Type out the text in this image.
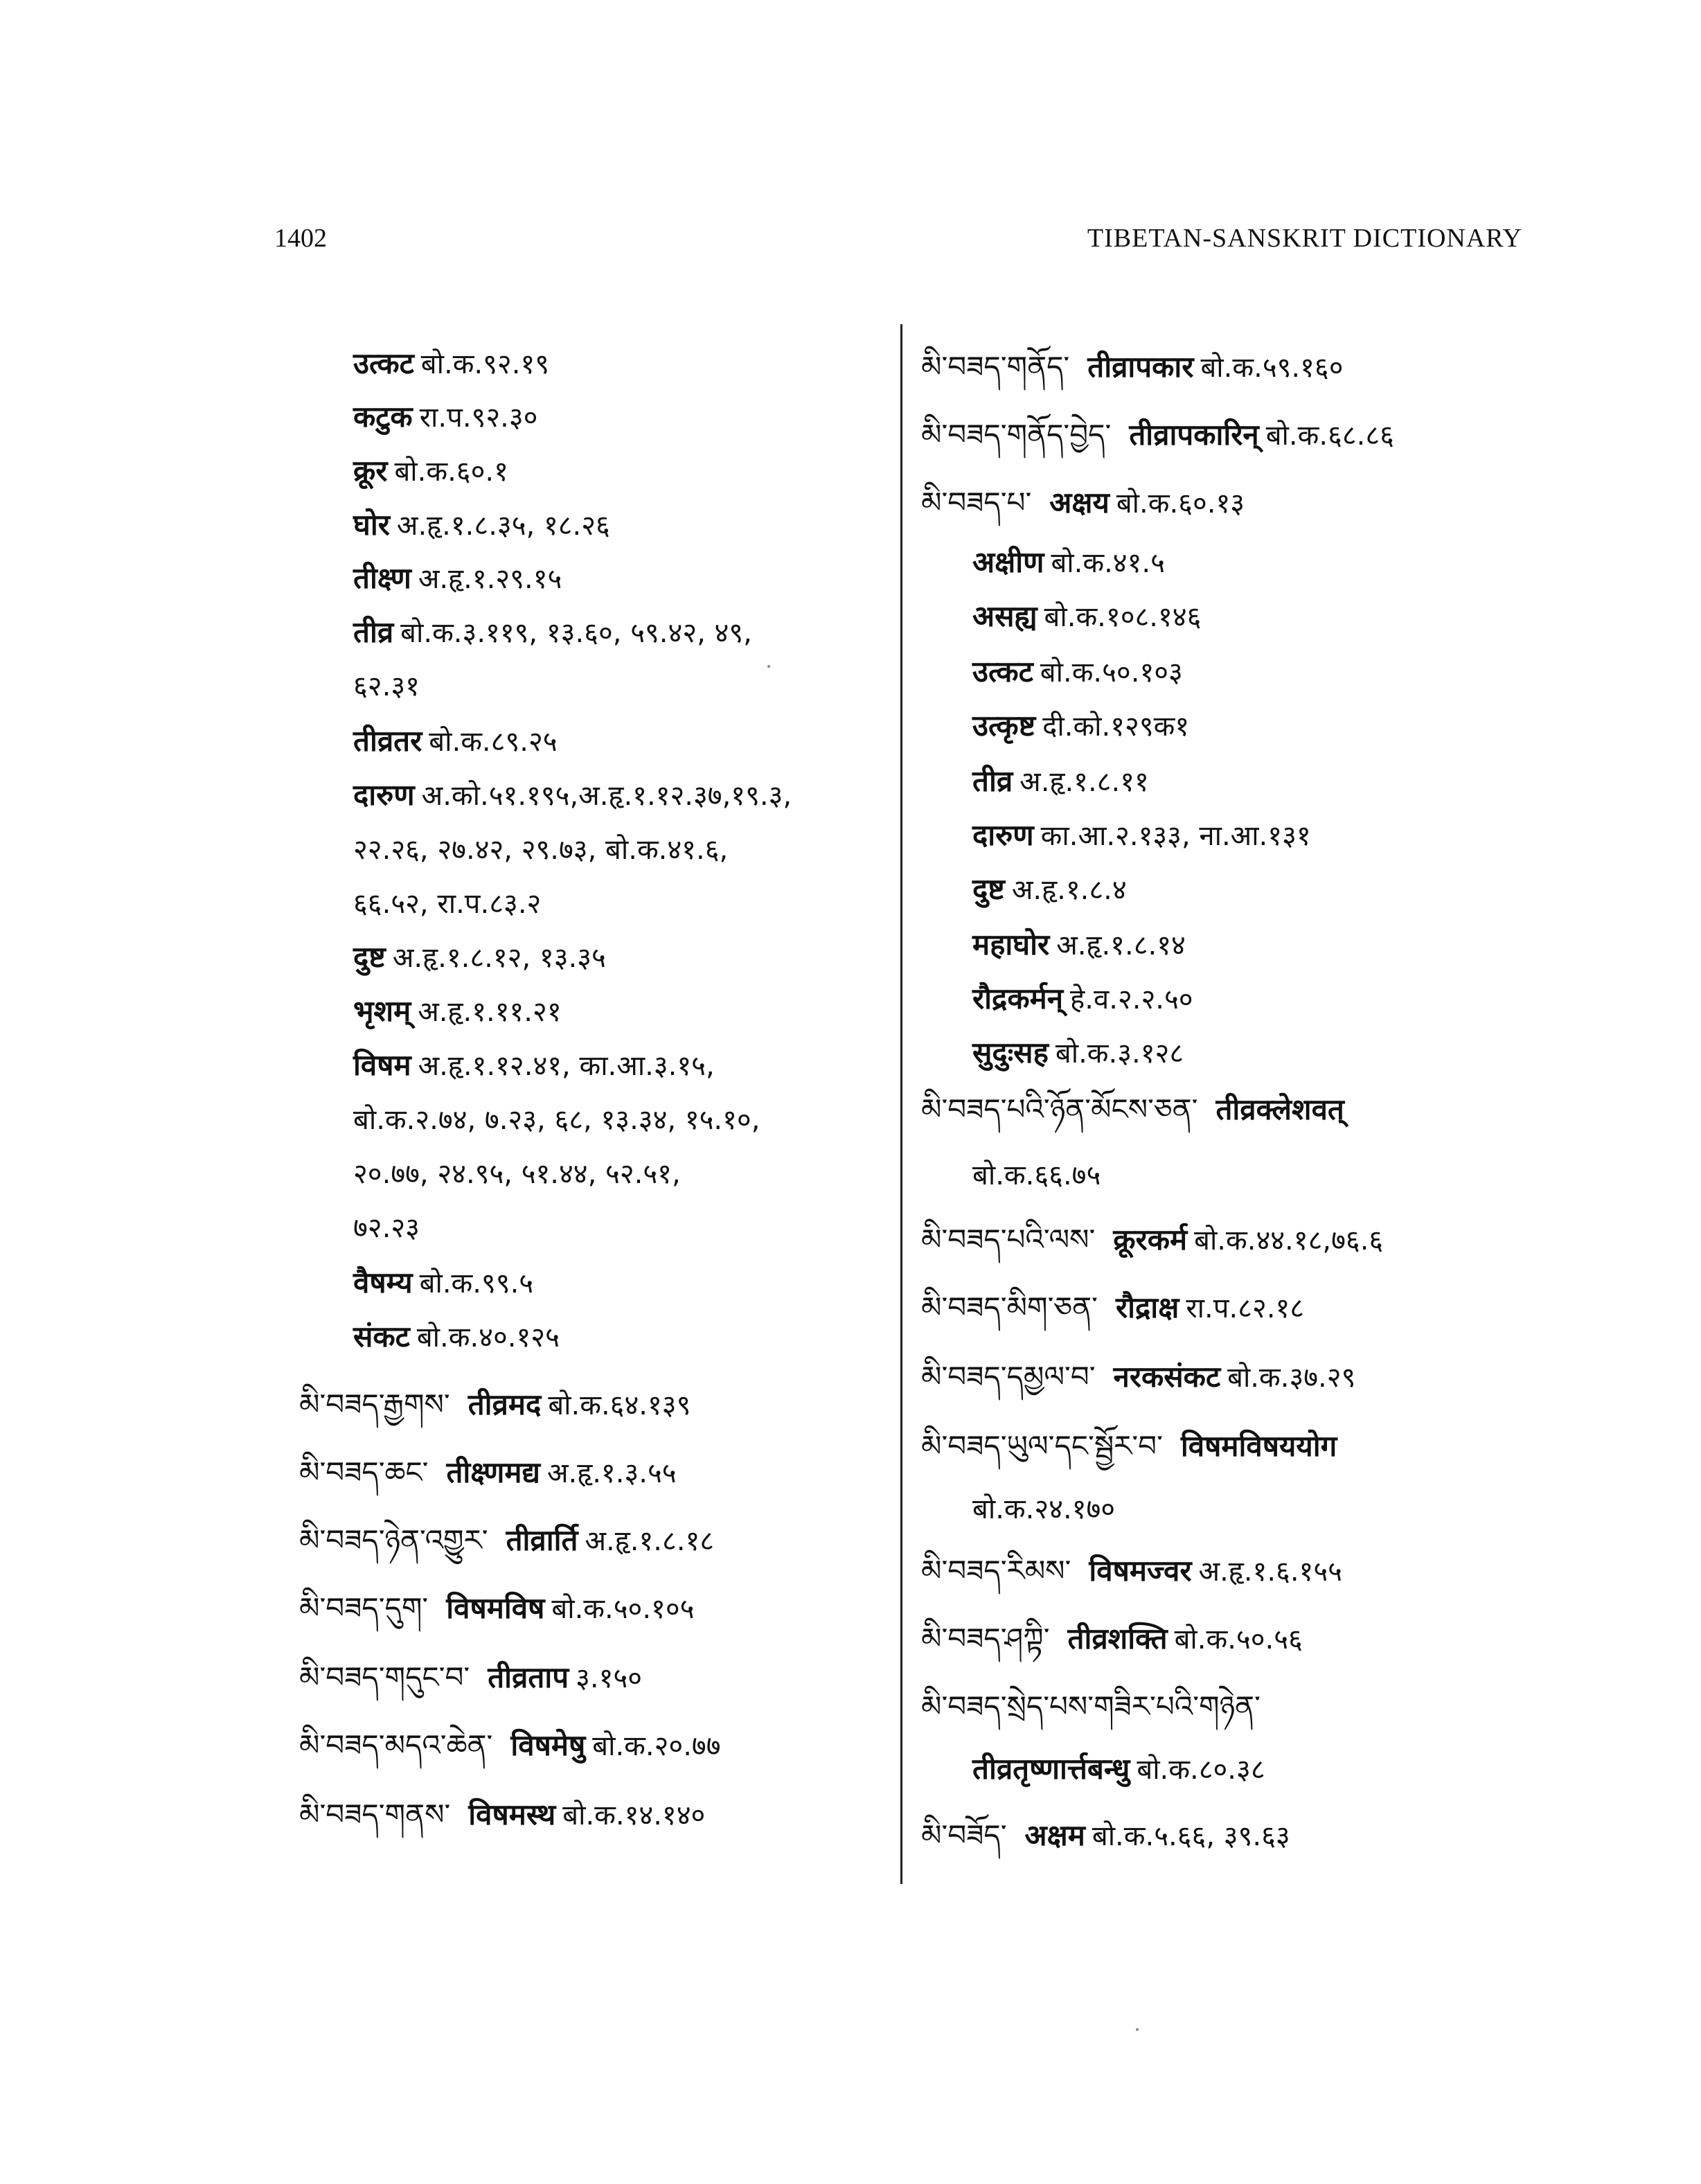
1402	TIBETAN-SANSKRIT DICTIONARY
उत्कट बो.क.९२.१९
कटुक रा.प.९२.३०
क्रूर बो.क.६०.१
घोर अ.हृ.१.८.३५, १८.२६
तीक्ष्ण अ.हृ.१.२९.१५
तीव्र बो.क.३.११९, १३.६०, ५९.४२, ४९,
६२.३१
तीव्रतर बो.क.८९.२५
दारुण अ.को.५१.१९५,अ.हृ.१.१२.३७,१९.३,
२२.२६, २७.४२, २९.७३, बो.क.४१.६,
६६.५२, रा.प.८३.२
दुष्ट अ.हृ.१.८.१२, १३.३५
भृशम् अ.हृ.१.११.२१
विषम अ.हृ.१.१२.४१, का.आ.३.१५,
बो.क.२.७४, ७.२३, ६८, १३.३४, १५.१०,
२०.७७, २४.९५, ५१.४४, ५२.५१,
७२.२३
वैषम्य बो.क.९९.५
संकट बो.क.४०.१२५
མི་བཟད་རྒྱགས་ तीव्रमद बो.क.६४.१३९
མི་བཟད་ཆང་ तीक्ष्णमद्य अ.हृ.१.३.५५
མི་བཟད་ཉེན་འགྱུར་ तीव्रार्ति अ.हृ.१.८.१८
མི་བཟད་དུག་ विषमविष बो.क.५०.१०५
མི་བཟད་གདུང་བ་ तीव्रताप ३.१५०
མི་བཟད་མདའ་ཆེན་ विषमेषु बो.क.२०.७७
མི་བཟད་གནས་ विषमस्थ बो.क.१४.१४०
མི་བཟད་གནོད་ तीव्रापकार बो.क.५९.१६०
མི་བཟད་གནོད་བྱེད་ तीव्रापकारिन् बो.क.६८.८६
མི་བཟད་པ་ अक्षय बो.क.६०.१३
अक्षीण बो.क.४१.५
असह्य बो.क.१०८.१४६
उत्कट बो.क.५०.१०३
उत्कृष्ट दी.को.१२९क१
तीव्र अ.हृ.१.८.११
दारुण का.आ.२.१३३, ना.आ.१३१
दुष्ट अ.हृ.१.८.४
महाघोर अ.हृ.१.८.१४
रौद्रकर्मन् हे.व.२.२.५०
सुदुःसह बो.क.३.१२८
མི་བཟད་པའི་ཉོན་མོངས་ཅན་ तीव्रक्लेशवत्
बो.क.६६.७५
མི་བཟད་པའི་ལས་ क्रूरकर्म बो.क.४४.१८,७६.६
མི་བཟད་མིག་ཅན་ रौद्राक्ष रा.प.८२.१८
མི་བཟད་དམྱལ་བ་ नरकसंकट बो.क.३७.२९
མི་བཟད་ཡུལ་དང་སྦྱོར་བ་ विषमविषययोग
बो.क.२४.१७०
མི་བཟད་རིམས་ विषमज्वर अ.हृ.१.६.१५५
མི་བཟད་ཤཀྟི་ तीव्रशक्ति बो.क.५०.५६
མི་བཟད་སྲེད་པས་གཟིར་པའི་གཉེན་
तीव्रतृष्णार्त्तबन्धु बो.क.८०.३८
མི་བཟོད་ अक्षम बो.क.५.६६, ३९.६३
